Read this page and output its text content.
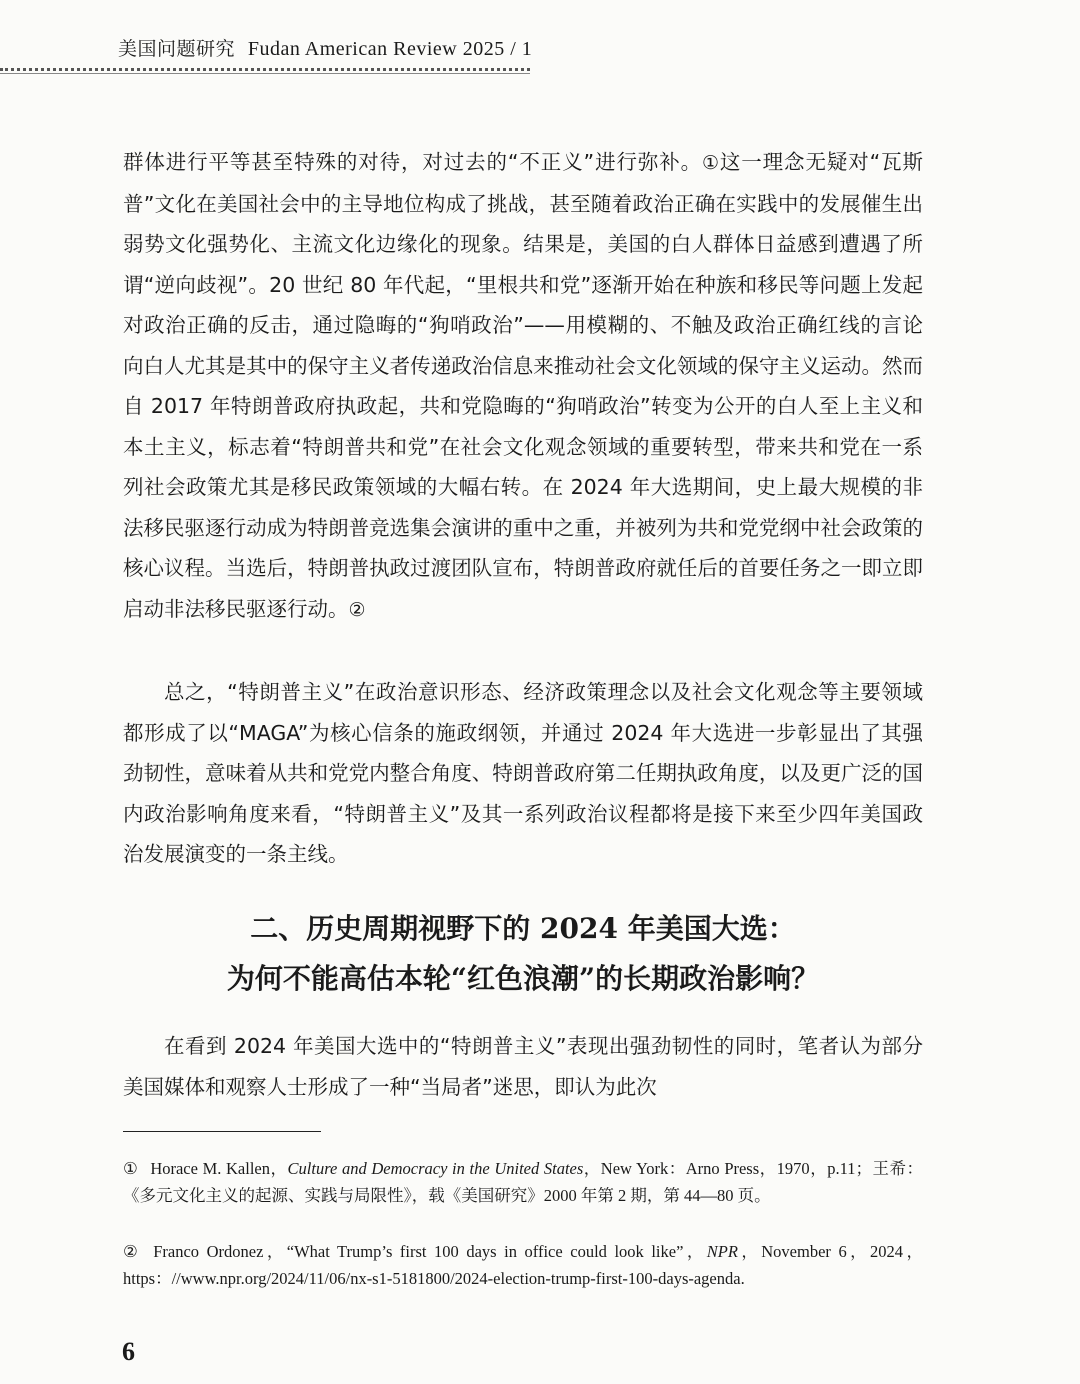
美国问题研究 Fudan American Review 2025 / 1

群体进行平等甚至特殊的对待，对过去的“不正义”进行弥补。①这一理念无疑对“瓦斯普”文化在美国社会中的主导地位构成了挑战，甚至随着政治正确在实践中的发展催生出弱势文化强势化、主流文化边缘化的现象。结果是，美国的白人群体日益感到遭遇了所谓“逆向歧视”。20 世纪 80 年代起，“里根共和党”逐渐开始在种族和移民等问题上发起对政治正确的反击，通过隐晦的“狗哨政治”——用模糊的、不触及政治正确红线的言论向白人尤其是其中的保守主义者传递政治信息来推动社会文化领域的保守主义运动。然而自 2017 年特朗普政府执政起，共和党隐晦的“狗哨政治”转变为公开的白人至上主义和本土主义，标志着“特朗普共和党”在社会文化观念领域的重要转型，带来共和党在一系列社会政策尤其是移民政策领域的大幅右转。在 2024 年大选期间，史上最大规模的非法移民驱逐行动成为特朗普竞选集会演讲的重中之重，并被列为共和党党纲中社会政策的核心议程。当选后，特朗普执政过渡团队宣布，特朗普政府就任后的首要任务之一即立即启动非法移民驱逐行动。②

总之，“特朗普主义”在政治意识形态、经济政策理念以及社会文化观念等主要领域都形成了以“MAGA”为核心信条的施政纲领，并通过 2024 年大选进一步彰显出了其强劲韧性，意味着从共和党党内整合角度、特朗普政府第二任期执政角度，以及更广泛的国内政治影响角度来看，“特朗普主义”及其一系列政治议程都将是接下来至少四年美国政治发展演变的一条主线。

二、历史周期视野下的 2024 年美国大选：
为何不能高估本轮“红色浪潮”的长期政治影响？

在看到 2024 年美国大选中的“特朗普主义”表现出强劲韧性的同时，笔者认为部分美国媒体和观察人士形成了一种“当局者”迷思，即认为此次

① Horace M. Kallen，Culture and Democracy in the United States，New York：Arno Press，1970，p.11；王希：《多元文化主义的起源、实践与局限性》，载《美国研究》2000 年第 2 期，第 44—80 页。

② Franco Ordonez，“What Trump’s first 100 days in office could look like”，NPR，November 6，2024，https：//www.npr.org/2024/11/06/nx-s1-5181800/2024-election-trump-first-100-days-agenda.

6
